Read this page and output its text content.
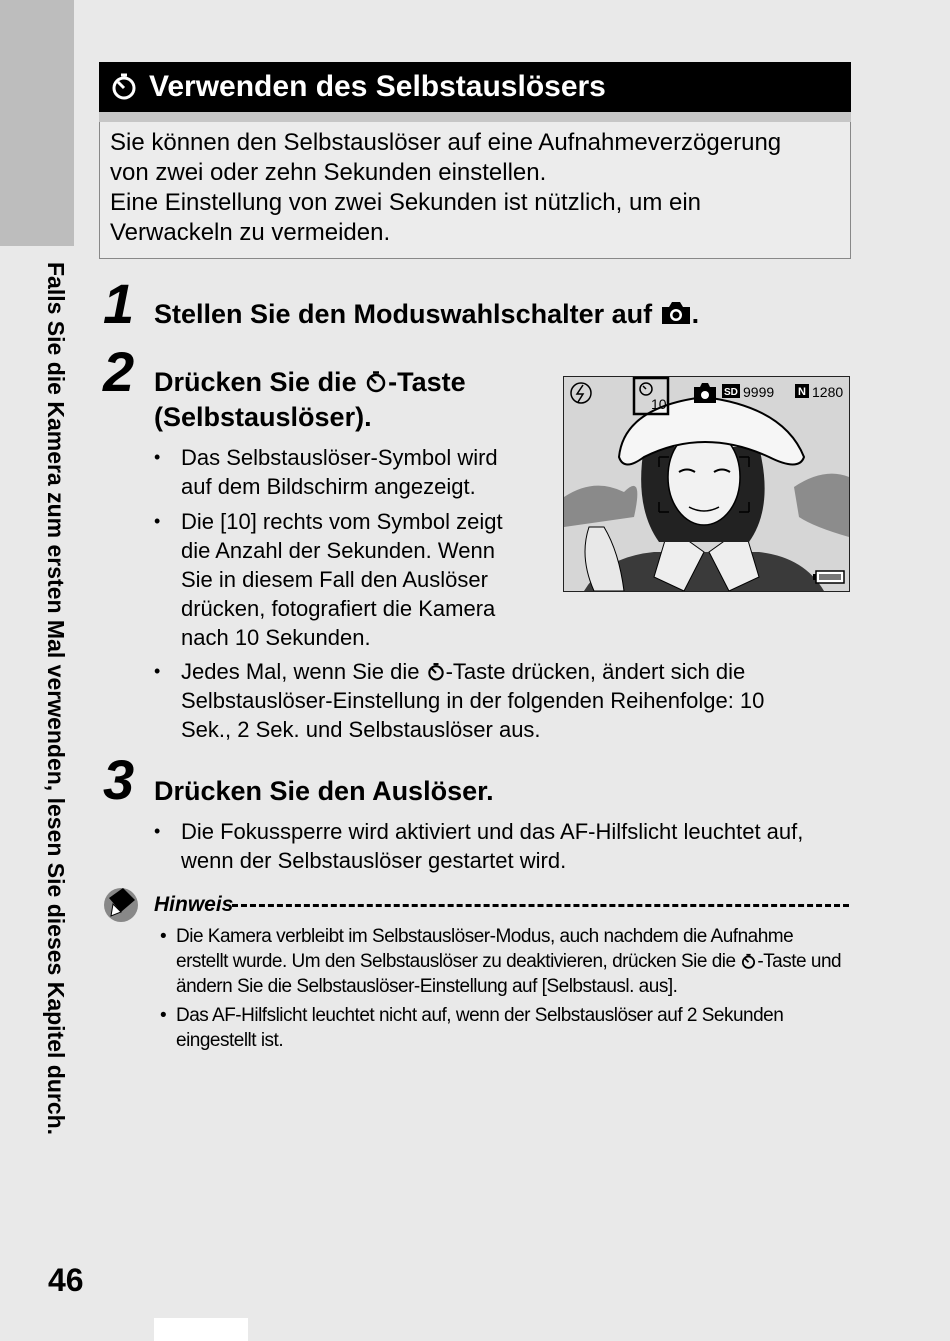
Falls Sie die Kamera zum ersten Mal verwenden, lesen Sie dieses Kapitel durch.
46
Verwenden des Selbstauslösers

Sie können den Selbstauslöser auf eine Aufnahmeverzögerung

von zwei oder zehn Sekunden einstellen.

Eine Einstellung von zwei Sekunden ist nützlich, um ein

Verwackeln zu vermeiden.

1 Stellen Sie den Moduswahlschalter auf .
2 Drücken Sie die -Taste
(Selbstauslöser).
• Das Selbstauslöser-Symbol wird
auf dem Bildschirm angezeigt.
• Die [10] rechts vom Symbol zeigt
die Anzahl der Sekunden. Wenn
Sie in diesem Fall den Auslöser
drücken, fotografiert die Kamera
nach 10 Sekunden.
• Jedes Mal, wenn Sie die -Taste drücken, ändert sich die
Selbstauslöser-Einstellung in der folgenden Reihenfolge: 10
Sek., 2 Sek. und Selbstauslöser aus.
10
SD 9999 N 1280
3 Drücken Sie den Auslöser.
• Die Fokussperre wird aktiviert und das AF-Hilfslicht leuchtet auf,
wenn der Selbstauslöser gestartet wird.
Hinweis
• Die Kamera verbleibt im Selbstauslöser-Modus, auch nachdem die Aufnahme
erstellt wurde. Um den Selbstauslöser zu deaktivieren, drücken Sie die -Taste und
ändern Sie die Selbstauslöser-Einstellung auf [Selbstausl. aus].
• Das AF-Hilfslicht leuchtet nicht auf, wenn der Selbstauslöser auf 2 Sekunden
eingestellt ist.
